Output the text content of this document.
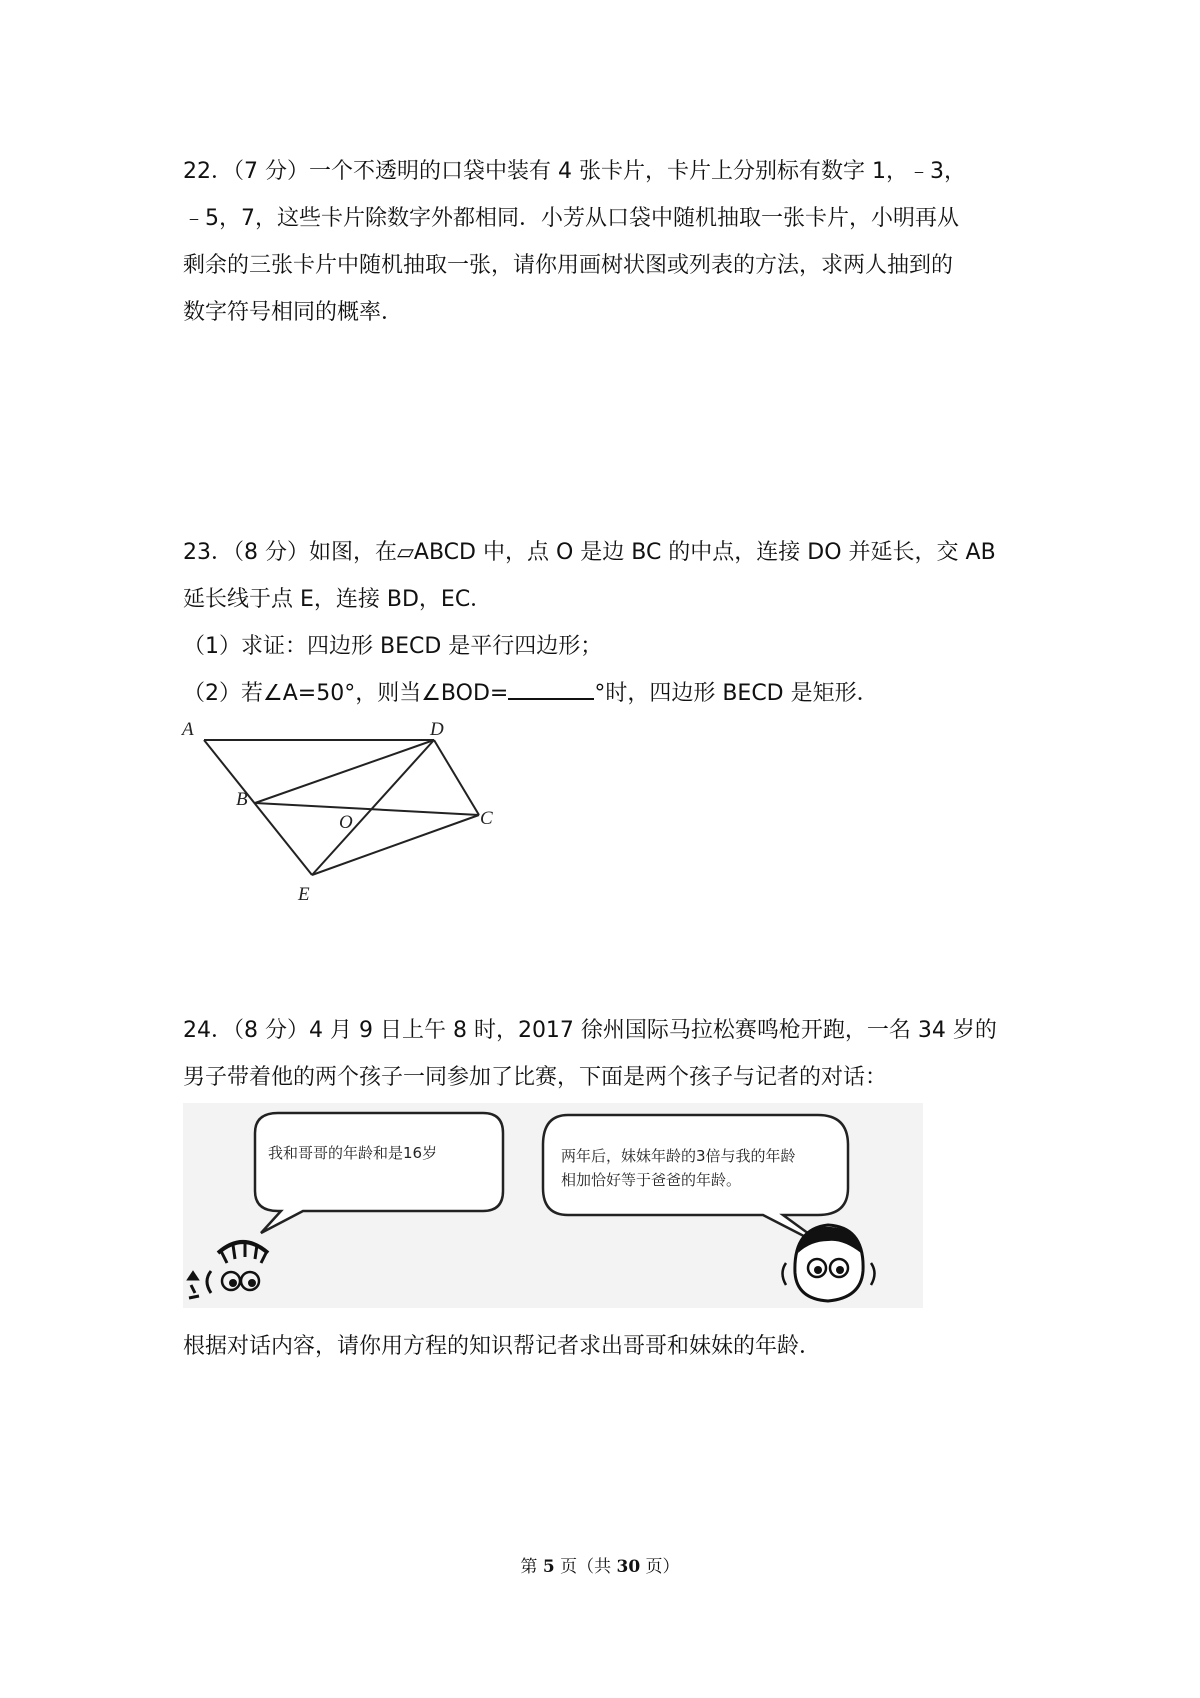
22．（7 分）一个不透明的口袋中装有 4 张卡片，卡片上分别标有数字 1，﹣3，
﹣5，7，这些卡片除数字外都相同．小芳从口袋中随机抽取一张卡片，小明再从
剩余的三张卡片中随机抽取一张，请你用画树状图或列表的方法，求两人抽到的
数字符号相同的概率．
23．（8 分）如图，在▱ABCD 中，点 O 是边 BC 的中点，连接 DO 并延长，交 AB
延长线于点 E，连接 BD，EC．
（1）求证：四边形 BECD 是平行四边形；
（2）若∠A=50°，则当∠BOD=	°时，四边形 BECD 是矩形．
A	D
B
O	C
E
24．（8 分）4 月 9 日上午 8 时，2017 徐州国际马拉松赛鸣枪开跑，一名 34 岁的
男子带着他的两个孩子一同参加了比赛，下面是两个孩子与记者的对话：
我和哥哥的年龄和是16岁	两年后，妹妹年龄的3倍与我的年龄
相加恰好等于爸爸的年龄。
根据对话内容，请你用方程的知识帮记者求出哥哥和妹妹的年龄．
第 5 页（共 30 页）
